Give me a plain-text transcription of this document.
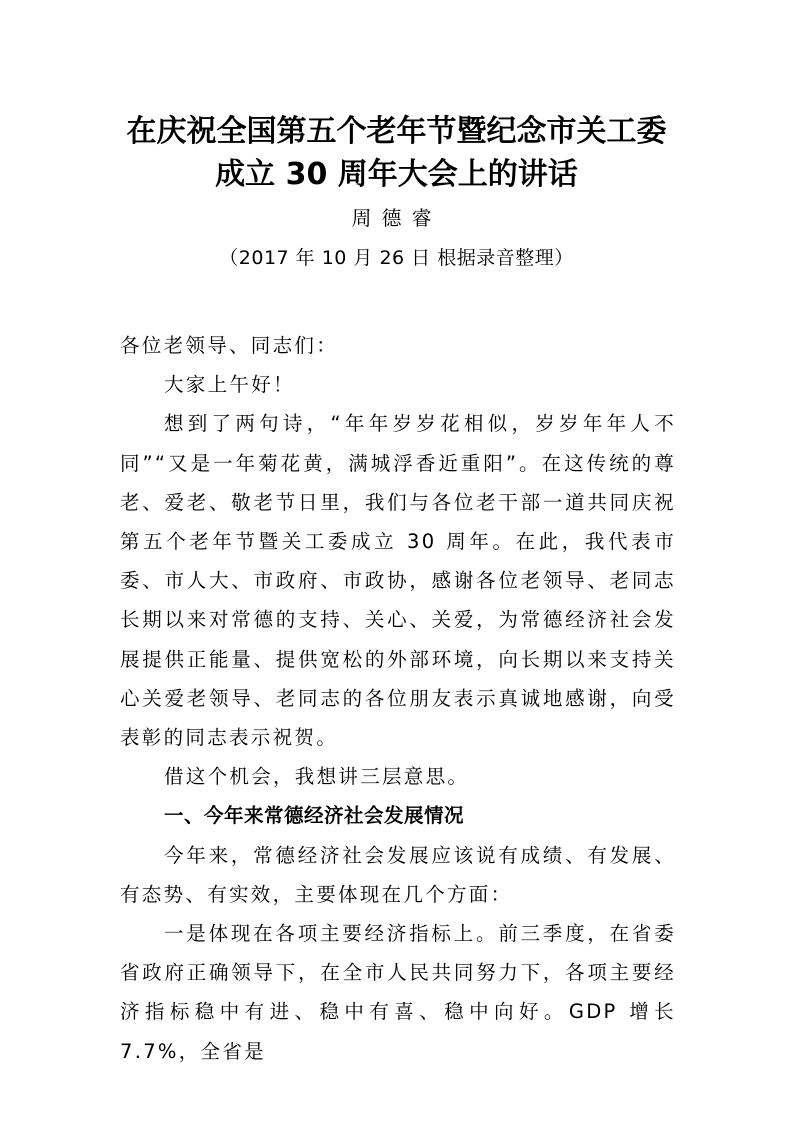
在庆祝全国第五个老年节暨纪念市关工委
成立 30 周年大会上的讲话
周德睿
（2017 年 10 月 26 日 根据录音整理）

各位老领导、同志们：

大家上午好！

想到了两句诗，“年年岁岁花相似，岁岁年年人不同”“又是一年菊花黄，满城浮香近重阳”。在这传统的尊老、爱老、敬老节日里，我们与各位老干部一道共同庆祝第五个老年节暨关工委成立 30 周年。在此，我代表市委、市人大、市政府、市政协，感谢各位老领导、老同志长期以来对常德的支持、关心、关爱，为常德经济社会发展提供正能量、提供宽松的外部环境，向长期以来支持关心关爱老领导、老同志的各位朋友表示真诚地感谢，向受表彰的同志表示祝贺。

借这个机会，我想讲三层意思。

一、今年来常德经济社会发展情况

今年来，常德经济社会发展应该说有成绩、有发展、有态势、有实效，主要体现在几个方面：

一是体现在各项主要经济指标上。前三季度，在省委省政府正确领导下，在全市人民共同努力下，各项主要经济指标稳中有进、稳中有喜、稳中向好。GDP 增长 7.7%，全省是
